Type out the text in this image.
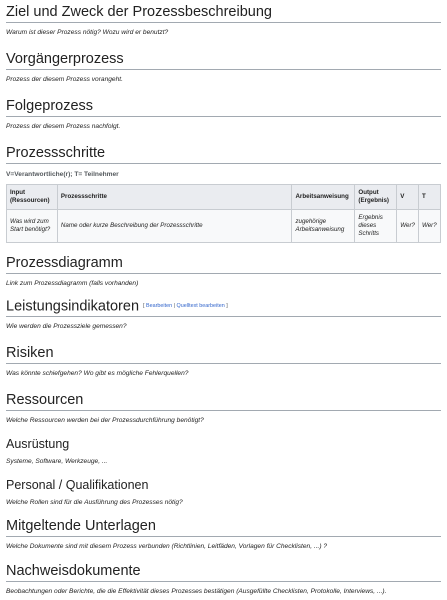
Ziel und Zweck der Prozessbeschreibung

Warum ist dieser Prozess nötig? Wozu wird er benutzt?

Vorgängerprozess

Prozess der diesem Prozess vorangeht.

Folgeprozess

Prozess der diesem Prozess nachfolgt.

Prozessschritte

V=Verantwortliche(r); T= Teilnehmer

Input (Ressourcen)	Prozessschritte	Arbeitsanweisung	Output (Ergebnis)	V	T
Was wird zum Start benötigt?	Name oder kurze Beschreibung der Prozessschritte	zugehörige Arbeitsanweisung	Ergebnis dieses Schritts	Wer?	Wer?
Prozessdiagramm

Link zum Prozessdiagramm (falls vorhanden)

Leistungsindikatoren [ Bearbeiten | Quelltext bearbeiten ]

Wie werden die Prozessziele gemessen?

Risiken

Was könnte schiefgehen? Wo gibt es mögliche Fehlerquellen?

Ressourcen

Welche Ressourcen werden bei der Prozessdurchführung benötigt?

Ausrüstung

Systeme, Software, Werkzeuge, ...

Personal / Qualifikationen

Welche Rollen sind für die Ausführung des Prozesses nötig?

Mitgeltende Unterlagen

Welche Dokumente sind mit diesem Prozess verbunden (Richtlinien, Leitfäden, Vorlagen für Checklisten, ...) ?

Nachweisdokumente

Beobachtungen oder Berichte, die die Effektivität dieses Prozesses bestätigen (Ausgefüllte Checklisten, Protokolle, Interviews, ...).
